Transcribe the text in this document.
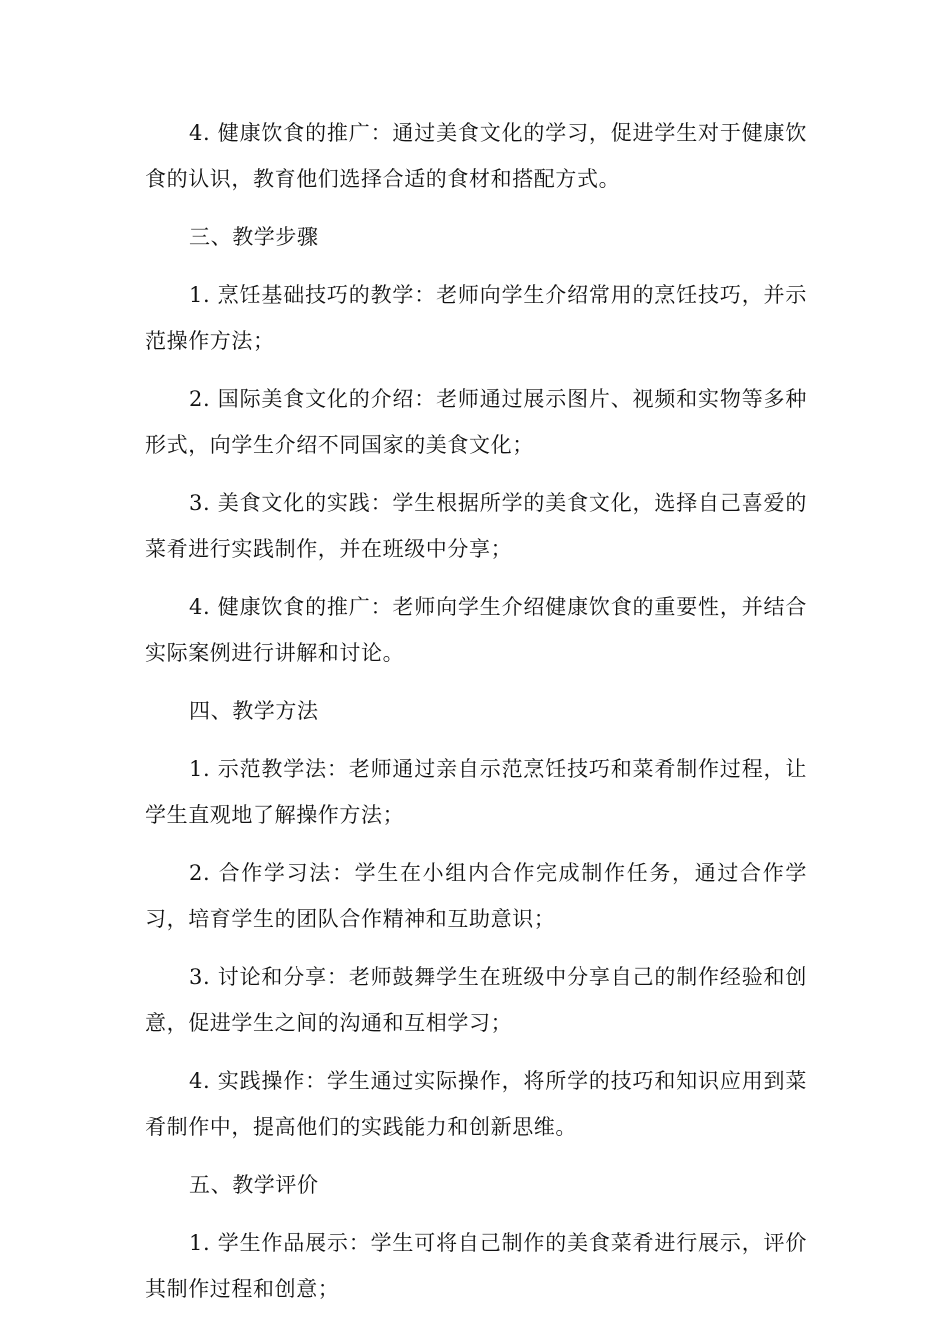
4. 健康饮食的推广：通过美食文化的学习，促进学生对于健康饮食的认识，教育他们选择合适的食材和搭配方式。

三、教学步骤

1. 烹饪基础技巧的教学：老师向学生介绍常用的烹饪技巧，并示范操作方法；

2. 国际美食文化的介绍：老师通过展示图片、视频和实物等多种形式，向学生介绍不同国家的美食文化；

3. 美食文化的实践：学生根据所学的美食文化，选择自己喜爱的菜肴进行实践制作，并在班级中分享；

4. 健康饮食的推广：老师向学生介绍健康饮食的重要性，并结合实际案例进行讲解和讨论。

四、教学方法

1. 示范教学法：老师通过亲自示范烹饪技巧和菜肴制作过程，让学生直观地了解操作方法；

2. 合作学习法：学生在小组内合作完成制作任务，通过合作学习，培育学生的团队合作精神和互助意识；

3. 讨论和分享：老师鼓舞学生在班级中分享自己的制作经验和创意，促进学生之间的沟通和互相学习；

4. 实践操作：学生通过实际操作，将所学的技巧和知识应用到菜肴制作中，提高他们的实践能力和创新思维。

五、教学评价

1. 学生作品展示：学生可将自己制作的美食菜肴进行展示，评价其制作过程和创意；
